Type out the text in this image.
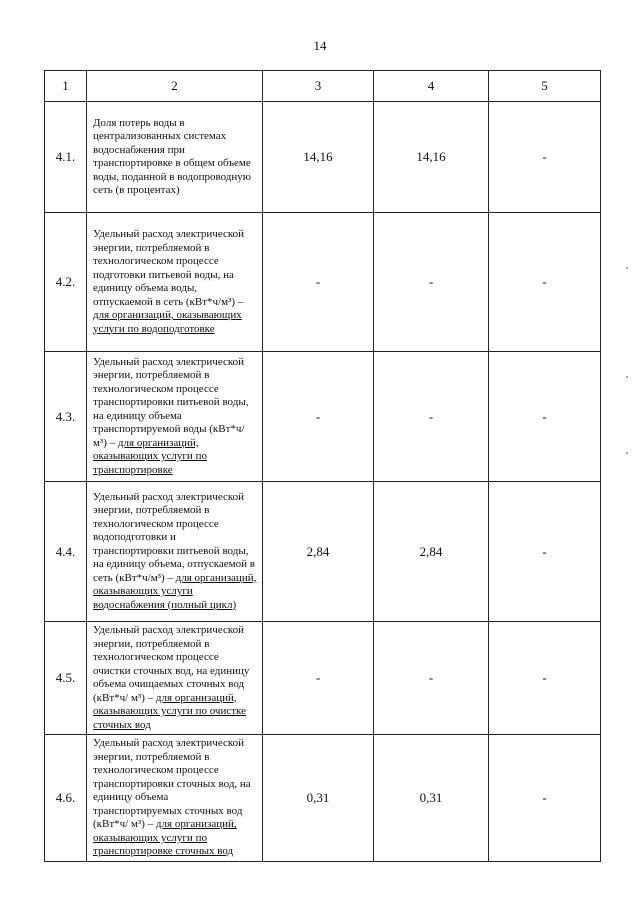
14
1	2	3	4	5
4.1.	Доля потерь воды в централизованных системах водоснабжения при транспортировке в общем объеме воды, поданной в водопроводную сеть (в процентах)	14,16	14,16	-
4.2.	Удельный расход электрической энергии, потребляемой в технологическом процессе подготовки питьевой воды, на единицу объема воды, отпускаемой в сеть (кВт*ч/м³) – для организаций, оказывающих услуги по водоподготовке	-	-	-
4.3.	Удельный расход электрической энергии, потребляемой в технологическом процессе транспортировки питьевой воды, на единицу объема транспортируемой воды (кВт*ч/м³) – для организаций, оказывающих услуги по транспортировке	-	-	-
4.4.	Удельный расход электрической энергии, потребляемой в технологическом процессе водоподготовки и транспортировки питьевой воды, на единицу объема, отпускаемой в сеть (кВт*ч/м³) – для организаций, оказывающих услуги водоснабжения (полный цикл)	2,84	2,84	-
4.5.	Удельный расход электрической энергии, потребляемой в технологическом процессе очистки сточных вод, на единицу объема очищаемых сточных вод (кВт*ч/ м³) – для организаций, оказывающих услуги по очистке сточных вод	-	-	-
4.6.	Удельный расход электрической энергии, потребляемой в технологическом процессе транспортировки сточных вод, на единицу объема транспортируемых сточных вод (кВт*ч/ м³) – для организаций, оказывающих услуги по транспортировке сточных вод	0,31	0,31	-
